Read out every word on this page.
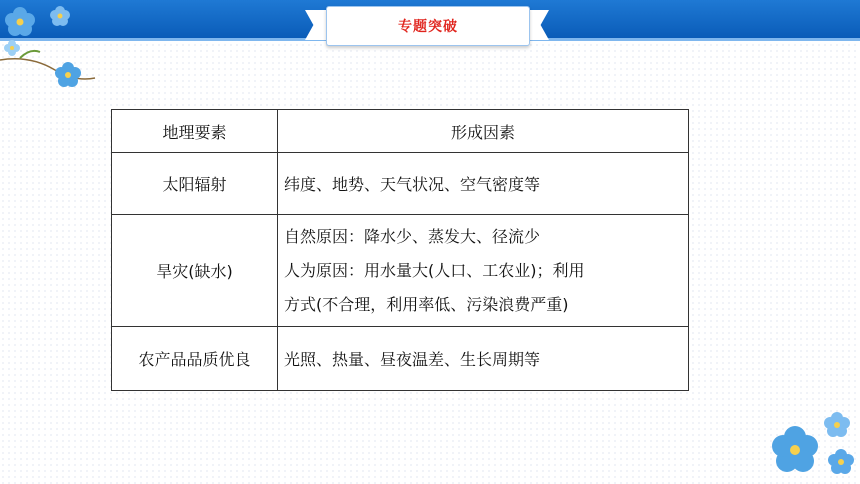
专题突破
地理要素	形成因素
太阳辐射	纬度、地势、天气状况、空气密度等

旱灾(缺水)	自然原因：降水少、蒸发大、径流少
人为原因：用水量大(人口、工农业)；利用
方式(不合理，利用率低、污染浪费严重)

农产品品质优良	光照、热量、昼夜温差、生长周期等
